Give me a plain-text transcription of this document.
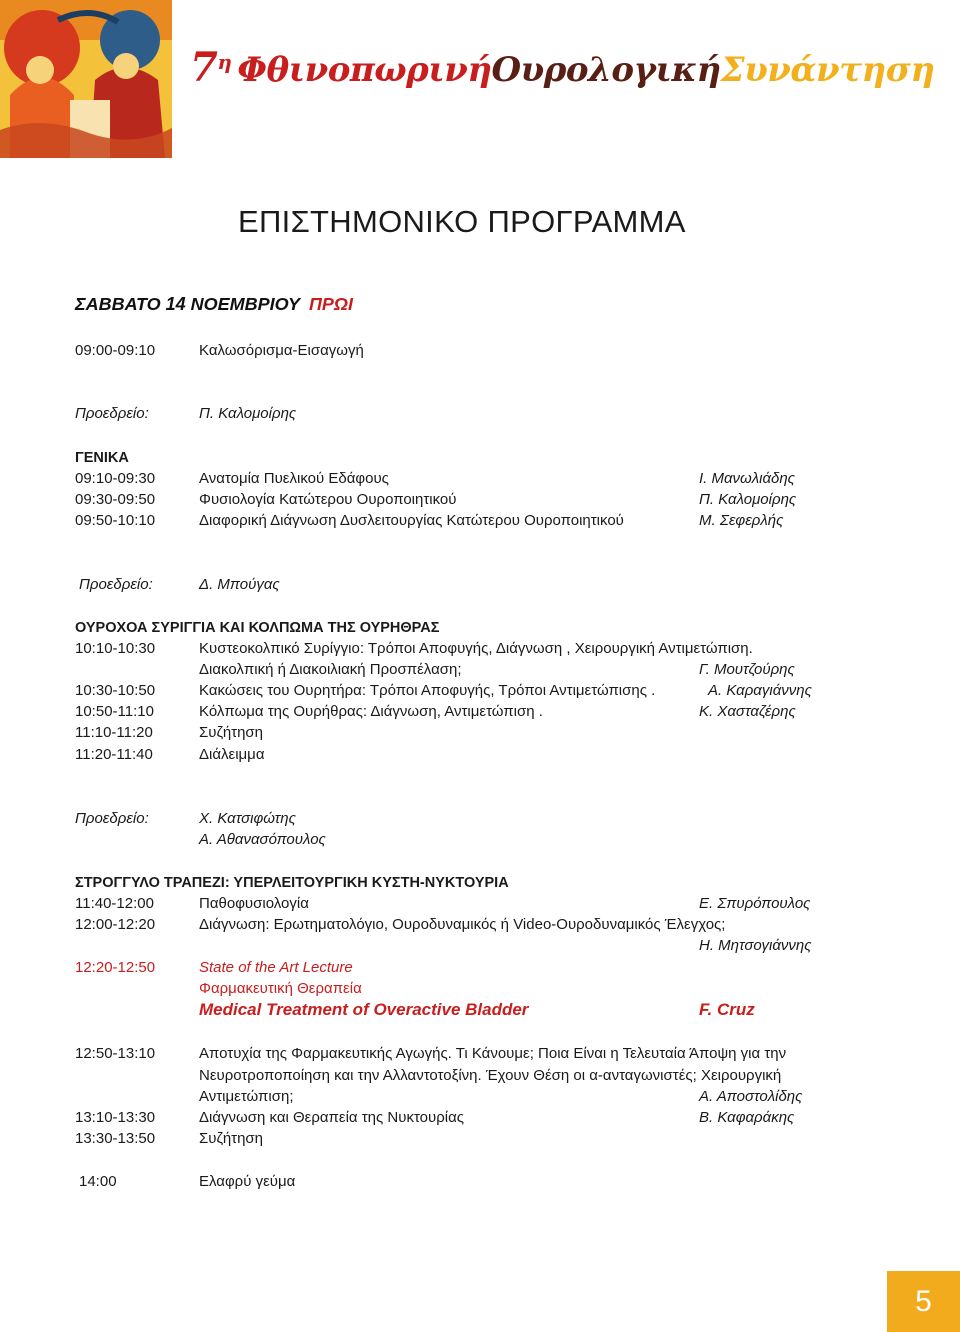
$7^\eta$ ΦθινοπωρινήΟυρολογικήΣυνάντηση
ΕΠΙΣΤΗΜΟΝΙΚΟ ΠΡΟΓΡΑΜΜΑ
ΣΑΒΒΑΤΟ 14 ΝΟΕΜΒΡΙΟΥ ΠΡΩΙ
09:00-09:10	Καλωσόρισμα-Εισαγωγή
Προεδρείο:	Π. Καλομοίρης
ΓΕΝΙΚΑ
09:10-09:30	Ανατομία Πυελικού Εδάφους	Ι. Μανωλιάδης
09:30-09:50	Φυσιολογία Κατώτερου Ουροποιητικού	Π. Καλομοίρης
09:50-10:10	Διαφορική Διάγνωση Δυσλειτουργίας Κατώτερου Ουροποιητικού	Μ. Σεφερλής
Προεδρείο:	Δ. Μπούγας
ΟΥΡΟΧΟΑ ΣΥΡΙΓΓΙΑ ΚΑΙ ΚΟΛΠΩΜΑ ΤΗΣ ΟΥΡΗΘΡΑΣ
10:10-10:30	Κυστεοκολπικό Συρίγγιο: Τρόποι Αποφυγής, Διάγνωση , Χειρουργική Αντιμετώπιση.
Διακολπική ή Διακοιλιακή Προσπέλαση;	Γ. Μουτζούρης
10:30-10:50	Κακώσεις του Ουρητήρα: Τρόποι Αποφυγής, Τρόποι Αντιμετώπισης .	Α. Καραγιάννης
10:50-11:10	Κόλπωμα της Ουρήθρας: Διάγνωση, Αντιμετώπιση .	Κ. Χασταζέρης
11:10-11:20	Συζήτηση
11:20-11:40	Διάλειμμα
Προεδρείο:	Χ. Κατσιφώτης
Α. Αθανασόπουλος
ΣΤΡΟΓΓΥΛΟ ΤΡΑΠΕΖΙ: ΥΠΕΡΛΕΙΤΟΥΡΓΙΚΗ ΚΥΣΤΗ-ΝΥΚΤΟΥΡΙΑ
11:40-12:00	Παθοφυσιολογία	Ε. Σπυρόπουλος
12:00-12:20	Διάγνωση: Ερωτηματολόγιο, Ουροδυναμικός ή Video-Ουροδυναμικός Έλεγχος;
Η. Μητσογιάννης
12:20-12:50	State of the Art Lecture
Φαρμακευτική Θεραπεία
Medical Treatment of Overactive Bladder	F. Cruz
12:50-13:10	Αποτυχία της Φαρμακευτικής Αγωγής. Τι Κάνουμε; Ποια Είναι η Τελευταία Άποψη για την
Νευροτροποποίηση και την Αλλαντοτοξίνη. Έχουν Θέση οι α-ανταγωνιστές; Χειρουργική
Αντιμετώπιση;	Α. Αποστολίδης
13:10-13:30	Διάγνωση και Θεραπεία της Νυκτουρίας	Β. Καφαράκης
13:30-13:50	Συζήτηση
14:00	Ελαφρύ γεύμα
5
